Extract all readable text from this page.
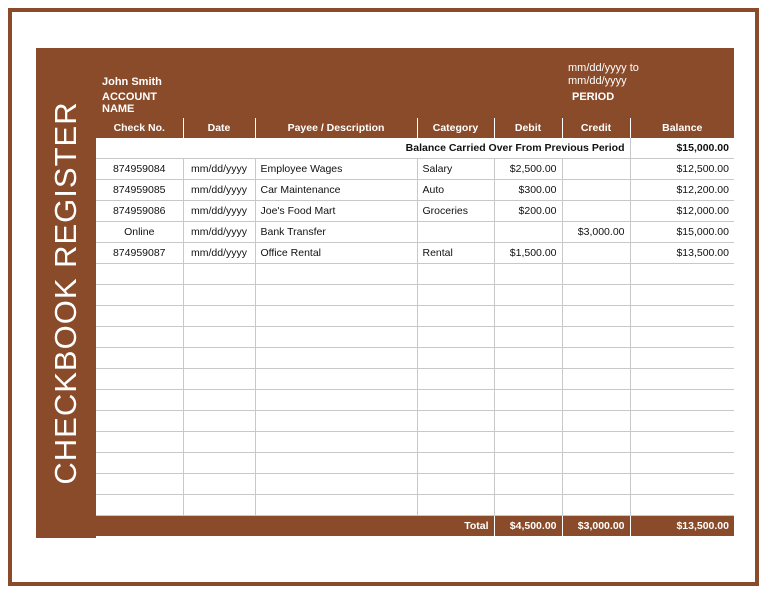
CHECKBOOK REGISTER
John Smith
ACCOUNT NAME
mm/dd/yyyy to mm/dd/yyyy
PERIOD
Check No.	Date	Payee / Description	Category	Debit	Credit	Balance
Balance Carried Over From Previous Period						$15,000.00
874959084	mm/dd/yyyy	Employee Wages	Salary	$2,500.00		$12,500.00
874959085	mm/dd/yyyy	Car Maintenance	Auto	$300.00		$12,200.00
874959086	mm/dd/yyyy	Joe's Food Mart	Groceries	$200.00		$12,000.00
Online	mm/dd/yyyy	Bank Transfer			$3,000.00	$15,000.00
874959087	mm/dd/yyyy	Office Rental	Rental	$1,500.00		$13,500.00

Total				$4,500.00	$3,000.00	$13,500.00
